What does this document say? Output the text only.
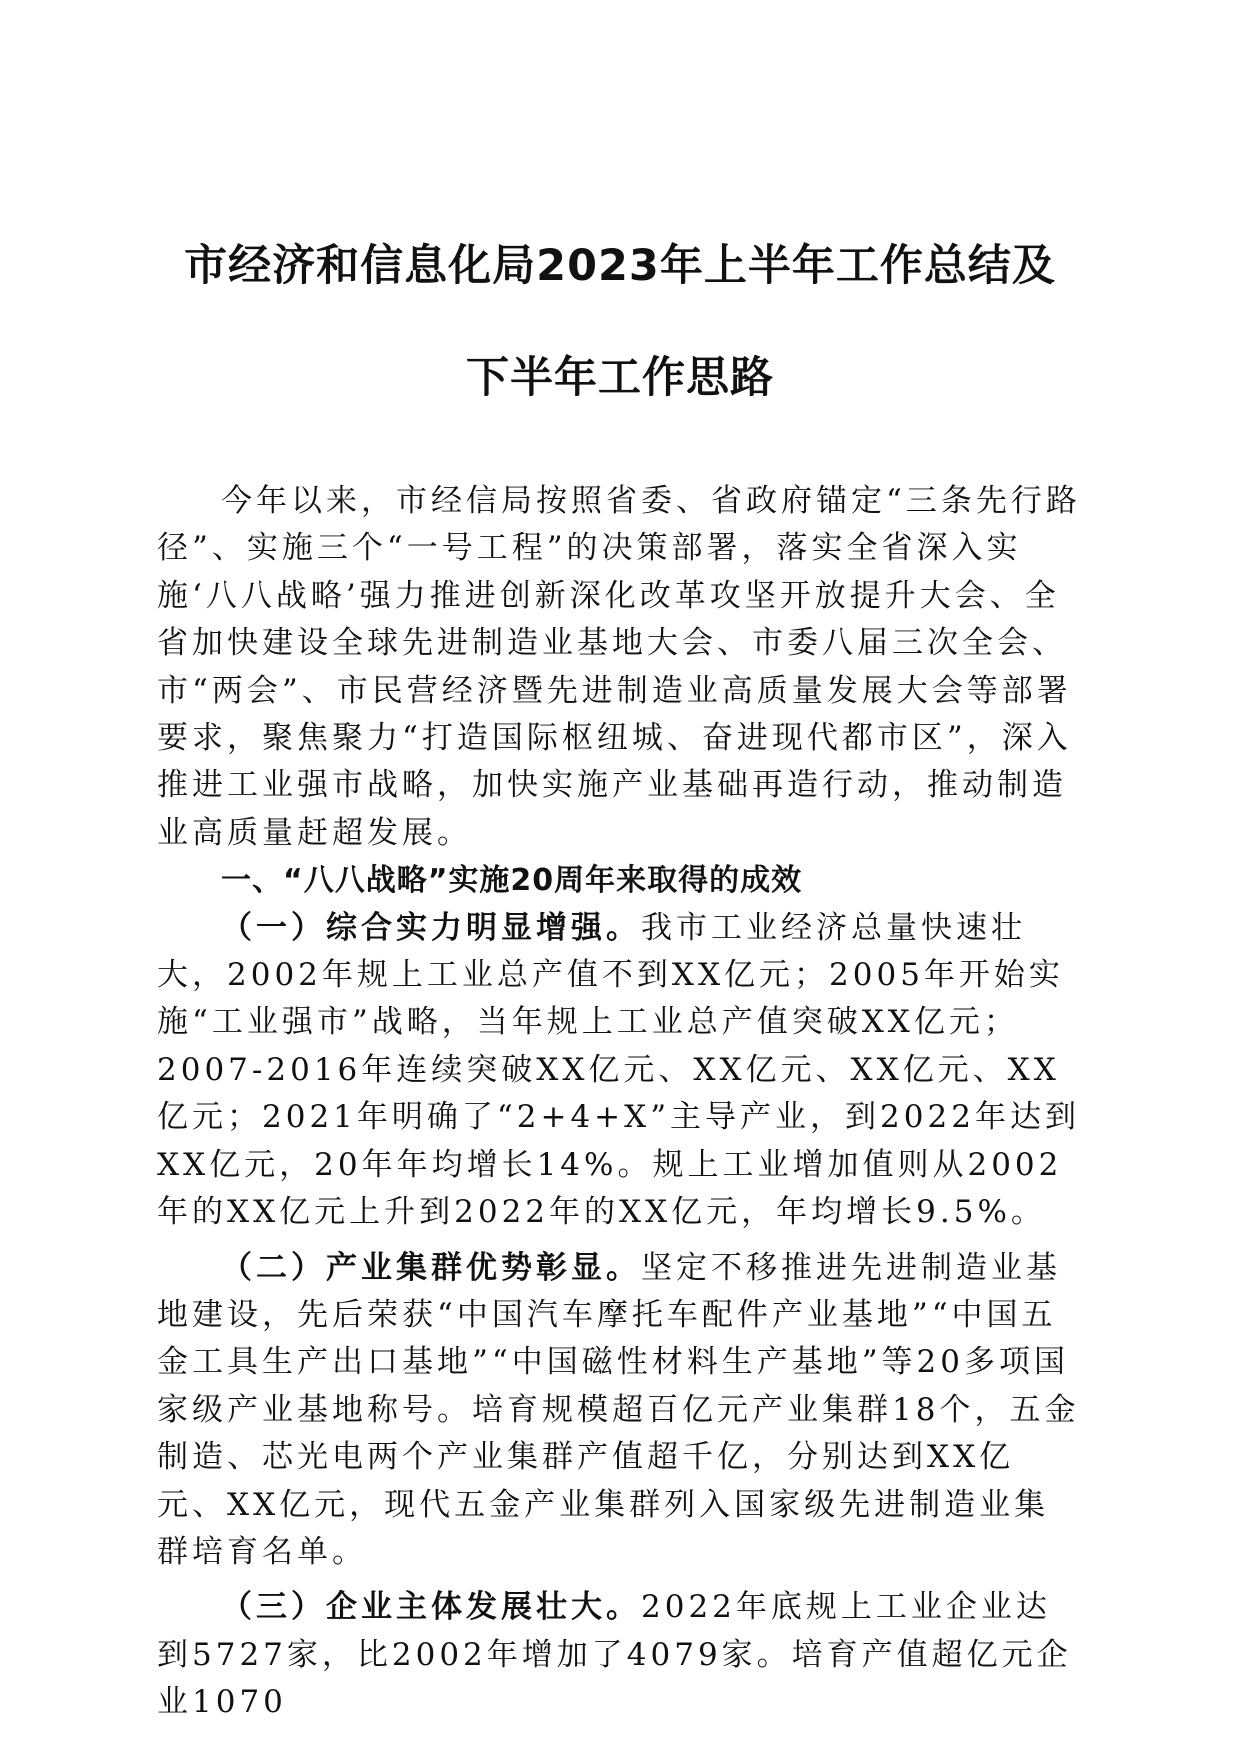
市经济和信息化局2023年上半年工作总结及
下半年工作思路

今年以来，市经信局按照省委、省政府锚定“三条先行路径”、实施三个“一号工程”的决策部署，落实全省深入实施‘八八战略’强力推进创新深化改革攻坚开放提升大会、全省加快建设全球先进制造业基地大会、市委八届三次全会、市“两会”、市民营经济暨先进制造业高质量发展大会等部署要求，聚焦聚力“打造国际枢纽城、奋进现代都市区”，深入推进工业强市战略，加快实施产业基础再造行动，推动制造业高质量赶超发展。

一、“八八战略”实施20周年来取得的成效

（一）综合实力明显增强。我市工业经济总量快速壮大，2002年规上工业总产值不到XX亿元；2005年开始实施“工业强市”战略，当年规上工业总产值突破XX亿元；2007-2016年连续突破XX亿元、XX亿元、XX亿元、XX亿元；2021年明确了“2+4+X”主导产业，到2022年达到XX亿元，20年年均增长14%。规上工业增加值则从2002年的XX亿元上升到2022年的XX亿元，年均增长9.5%。

（二）产业集群优势彰显。坚定不移推进先进制造业基地建设，先后荣获“中国汽车摩托车配件产业基地”“中国五金工具生产出口基地”“中国磁性材料生产基地”等20多项国家级产业基地称号。培育规模超百亿元产业集群18个，五金制造、芯光电两个产业集群产值超千亿，分别达到XX亿元、XX亿元，现代五金产业集群列入国家级先进制造业集群培育名单。

（三）企业主体发展壮大。2022年底规上工业企业达到5727家，比2002年增加了4079家。培育产值超亿元企业1070
